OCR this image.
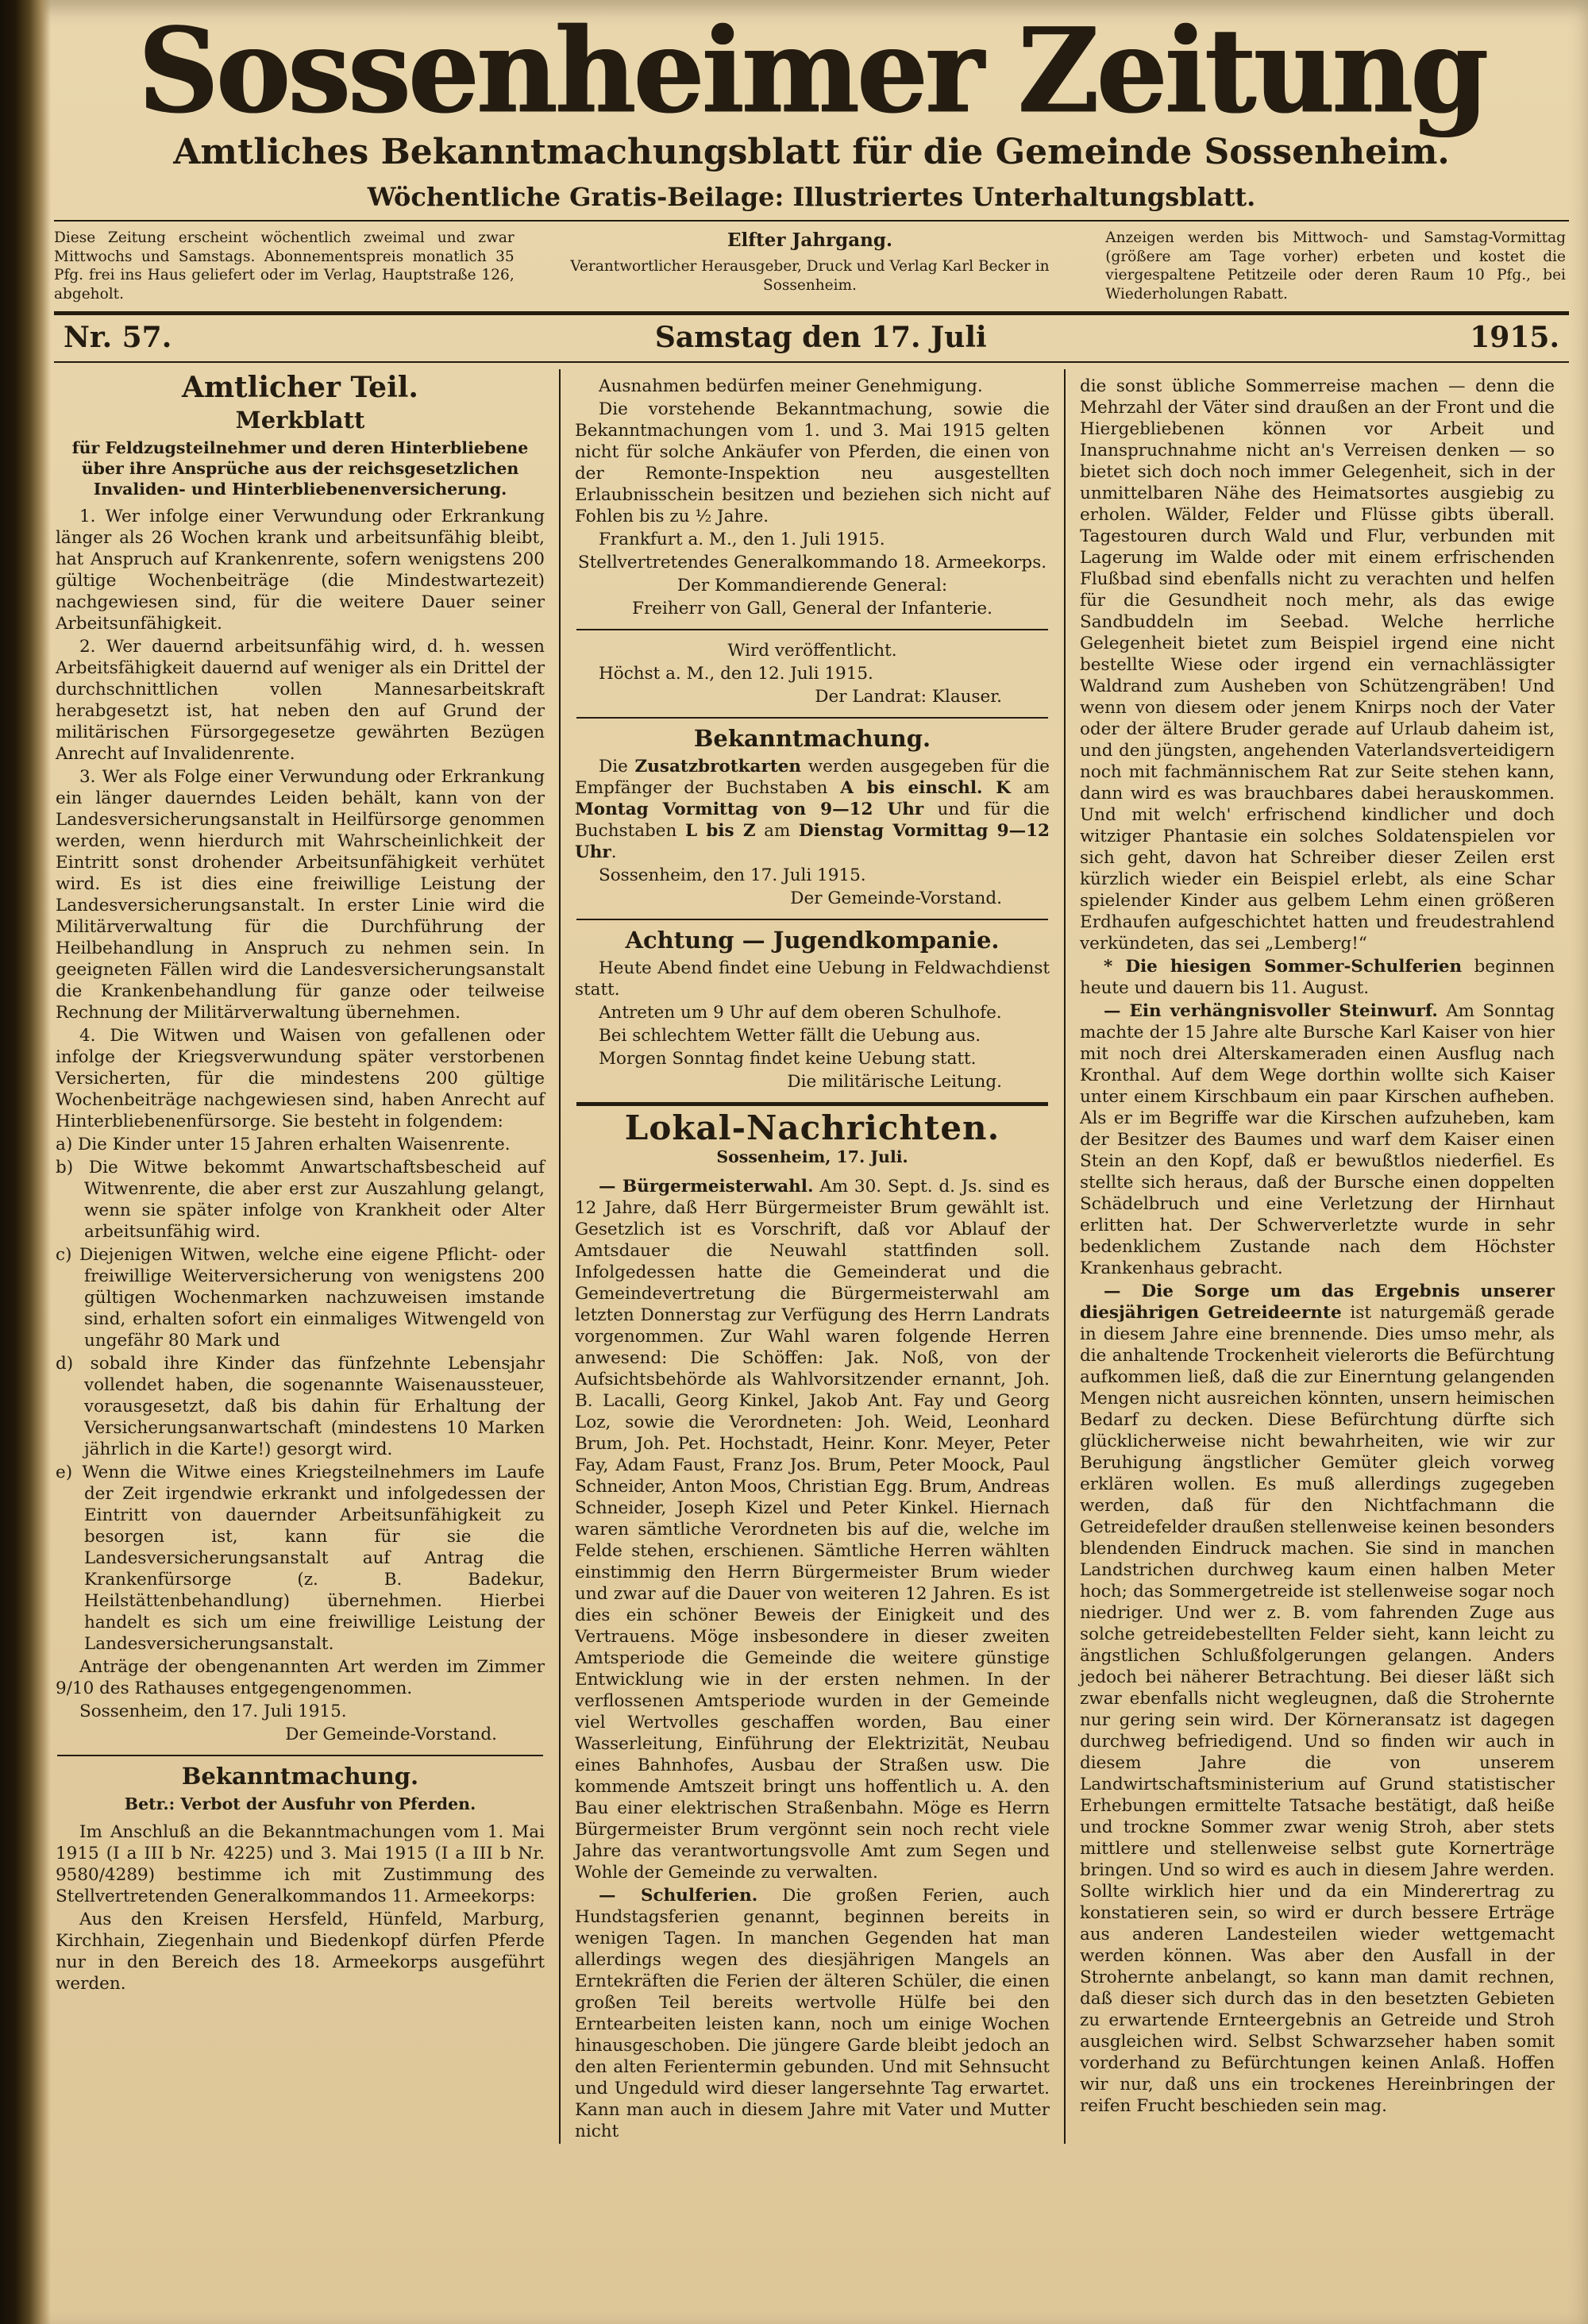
Sossenheimer Zeitung
Amtliches Bekanntmachungsblatt für die Gemeinde Sossenheim.
Wöchentliche Gratis-Beilage: Illustriertes Unterhaltungsblatt.
Diese Zeitung erscheint wöchentlich zweimal und zwar Mittwochs und Samstags. Abonnementspreis monatlich 35 Pfg. frei ins Haus geliefert oder im Verlag, Hauptstraße 126, abgeholt.
Elfter Jahrgang.
Verantwortlicher Herausgeber, Druck und Verlag Karl Becker in Sossenheim.
Anzeigen werden bis Mittwoch- und Samstag-Vormittag (größere am Tage vorher) erbeten und kostet die viergespaltene Petitzeile oder deren Raum 10 Pfg., bei Wiederholungen Rabatt.
Nr. 57.	Samstag den 17. Juli	1915.
Amtlicher Teil.
Merkblatt
für Feldzugsteilnehmer und deren Hinterbliebene über ihre Ansprüche aus der reichsgesetzlichen Invaliden- und Hinterbliebenenversicherung.

1. Wer infolge einer Verwundung oder Erkrankung länger als 26 Wochen krank und arbeitsunfähig bleibt, hat Anspruch auf Krankenrente, sofern wenigstens 200 gültige Wochenbeiträge (die Mindestwartezeit) nachgewiesen sind, für die weitere Dauer seiner Arbeitsunfähigkeit.

2. Wer dauernd arbeitsunfähig wird, d. h. wessen Arbeitsfähigkeit dauernd auf weniger als ein Drittel der durchschnittlichen vollen Mannesarbeitskraft herabgesetzt ist, hat neben den auf Grund der militärischen Fürsorgegesetze gewährten Bezügen Anrecht auf Invalidenrente.

3. Wer als Folge einer Verwundung oder Erkrankung ein länger dauerndes Leiden behält, kann von der Landesversicherungsanstalt in Heilfürsorge genommen werden, wenn hierdurch mit Wahrscheinlichkeit der Eintritt sonst drohender Arbeitsunfähigkeit verhütet wird. Es ist dies eine freiwillige Leistung der Landesversicherungsanstalt. In erster Linie wird die Militärverwaltung für die Durchführung der Heilbehandlung in Anspruch zu nehmen sein. In geeigneten Fällen wird die Landesversicherungsanstalt die Krankenbehandlung für ganze oder teilweise Rechnung der Militärverwaltung übernehmen.

4. Die Witwen und Waisen von gefallenen oder infolge der Kriegsverwundung später verstorbenen Versicherten, für die mindestens 200 gültige Wochenbeiträge nachgewiesen sind, haben Anrecht auf Hinterbliebenenfürsorge. Sie besteht in folgendem:

a) Die Kinder unter 15 Jahren erhalten Waisenrente.

b) Die Witwe bekommt Anwartschaftsbescheid auf Witwenrente, die aber erst zur Auszahlung gelangt, wenn sie später infolge von Krankheit oder Alter arbeitsunfähig wird.

c) Diejenigen Witwen, welche eine eigene Pflicht- oder freiwillige Weiterversicherung von wenigstens 200 gültigen Wochenmarken nachzuweisen imstande sind, erhalten sofort ein einmaliges Witwengeld von ungefähr 80 Mark und

d) sobald ihre Kinder das fünfzehnte Lebensjahr vollendet haben, die sogenannte Waisenaussteuer, vorausgesetzt, daß bis dahin für Erhaltung der Versicherungsanwartschaft (mindestens 10 Marken jährlich in die Karte!) gesorgt wird.

e) Wenn die Witwe eines Kriegsteilnehmers im Laufe der Zeit irgendwie erkrankt und infolgedessen der Eintritt von dauernder Arbeitsunfähigkeit zu besorgen ist, kann für sie die Landesversicherungsanstalt auf Antrag die Krankenfürsorge (z. B. Badekur, Heilstättenbehandlung) übernehmen. Hierbei handelt es sich um eine freiwillige Leistung der Landesversicherungsanstalt.

Anträge der obengenannten Art werden im Zimmer 9/10 des Rathauses entgegengenommen.

Sossenheim, den 17. Juli 1915.

Der Gemeinde-Vorstand.

Bekanntmachung.
Betr.: Verbot der Ausfuhr von Pferden.

Im Anschluß an die Bekanntmachungen vom 1. Mai 1915 (I a III b Nr. 4225) und 3. Mai 1915 (I a III b Nr. 9580/4289) bestimme ich mit Zustimmung des Stellvertretenden Generalkommandos 11. Armeekorps:

Aus den Kreisen Hersfeld, Hünfeld, Marburg, Kirchhain, Ziegenhain und Biedenkopf dürfen Pferde nur in den Bereich des 18. Armeekorps ausgeführt werden.

Ausnahmen bedürfen meiner Genehmigung.

Die vorstehende Bekanntmachung, sowie die Bekanntmachungen vom 1. und 3. Mai 1915 gelten nicht für solche Ankäufer von Pferden, die einen von der Remonte-Inspektion neu ausgestellten Erlaubnisschein besitzen und beziehen sich nicht auf Fohlen bis zu ½ Jahre.

Frankfurt a. M., den 1. Juli 1915.

Stellvertretendes Generalkommando 18. Armeekorps.

Der Kommandierende General:

Freiherr von Gall, General der Infanterie.

Wird veröffentlicht.

Höchst a. M., den 12. Juli 1915.

Der Landrat: Klauser.

Bekanntmachung.

Die Zusatzbrotkarten werden ausgegeben für die Empfänger der Buchstaben A bis einschl. K am Montag Vormittag von 9—12 Uhr und für die Buchstaben L bis Z am Dienstag Vormittag 9—12 Uhr.

Sossenheim, den 17. Juli 1915.

Der Gemeinde-Vorstand.

Achtung — Jugendkompanie.

Heute Abend findet eine Uebung in Feldwachdienst statt.

Antreten um 9 Uhr auf dem oberen Schulhofe.

Bei schlechtem Wetter fällt die Uebung aus.

Morgen Sonntag findet keine Uebung statt.

Die militärische Leitung.

Lokal-Nachrichten.
Sossenheim, 17. Juli.

— Bürgermeisterwahl. Am 30. Sept. d. Js. sind es 12 Jahre, daß Herr Bürgermeister Brum gewählt ist. Gesetzlich ist es Vorschrift, daß vor Ablauf der Amtsdauer die Neuwahl stattfinden soll. Infolgedessen hatte die Gemeinderat und die Gemeindevertretung die Bürgermeisterwahl am letzten Donnerstag zur Verfügung des Herrn Landrats vorgenommen. Zur Wahl waren folgende Herren anwesend: Die Schöffen: Jak. Noß, von der Aufsichtsbehörde als Wahlvorsitzender ernannt, Joh. B. Lacalli, Georg Kinkel, Jakob Ant. Fay und Georg Loz, sowie die Verordneten: Joh. Weid, Leonhard Brum, Joh. Pet. Hochstadt, Heinr. Konr. Meyer, Peter Fay, Adam Faust, Franz Jos. Brum, Peter Moock, Paul Schneider, Anton Moos, Christian Egg. Brum, Andreas Schneider, Joseph Kizel und Peter Kinkel. Hiernach waren sämtliche Verordneten bis auf die, welche im Felde stehen, erschienen. Sämtliche Herren wählten einstimmig den Herrn Bürgermeister Brum wieder und zwar auf die Dauer von weiteren 12 Jahren. Es ist dies ein schöner Beweis der Einigkeit und des Vertrauens. Möge insbesondere in dieser zweiten Amtsperiode die Gemeinde die weitere günstige Entwicklung wie in der ersten nehmen. In der verflossenen Amtsperiode wurden in der Gemeinde viel Wertvolles geschaffen worden, Bau einer Wasserleitung, Einführung der Elektrizität, Neubau eines Bahnhofes, Ausbau der Straßen usw. Die kommende Amtszeit bringt uns hoffentlich u. A. den Bau einer elektrischen Straßenbahn. Möge es Herrn Bürgermeister Brum vergönnt sein noch recht viele Jahre das verantwortungsvolle Amt zum Segen und Wohle der Gemeinde zu verwalten.

— Schulferien. Die großen Ferien, auch Hundstagsferien genannt, beginnen bereits in wenigen Tagen. In manchen Gegenden hat man allerdings wegen des diesjährigen Mangels an Erntekräften die Ferien der älteren Schüler, die einen großen Teil bereits wertvolle Hülfe bei den Erntearbeiten leisten kann, noch um einige Wochen hinausgeschoben. Die jüngere Garde bleibt jedoch an den alten Ferientermin gebunden. Und mit Sehnsucht und Ungeduld wird dieser langersehnte Tag erwartet. Kann man auch in diesem Jahre mit Vater und Mutter nicht

die sonst übliche Sommerreise machen — denn die Mehrzahl der Väter sind draußen an der Front und die Hiergebliebenen können vor Arbeit und Inanspruchnahme nicht an's Verreisen denken — so bietet sich doch noch immer Gelegenheit, sich in der unmittelbaren Nähe des Heimatsortes ausgiebig zu erholen. Wälder, Felder und Flüsse gibts überall. Tagestouren durch Wald und Flur, verbunden mit Lagerung im Walde oder mit einem erfrischenden Flußbad sind ebenfalls nicht zu verachten und helfen für die Gesundheit noch mehr, als das ewige Sandbuddeln im Seebad. Welche herrliche Gelegenheit bietet zum Beispiel irgend eine nicht bestellte Wiese oder irgend ein vernachlässigter Waldrand zum Ausheben von Schützengräben! Und wenn von diesem oder jenem Knirps noch der Vater oder der ältere Bruder gerade auf Urlaub daheim ist, und den jüngsten, angehenden Vaterlandsverteidigern noch mit fachmännischem Rat zur Seite stehen kann, dann wird es was brauchbares dabei herauskommen. Und mit welch' erfrischend kindlicher und doch witziger Phantasie ein solches Soldatenspielen vor sich geht, davon hat Schreiber dieser Zeilen erst kürzlich wieder ein Beispiel erlebt, als eine Schar spielender Kinder aus gelbem Lehm einen größeren Erdhaufen aufgeschichtet hatten und freudestrahlend verkündeten, das sei „Lemberg!“

* Die hiesigen Sommer-Schulferien beginnen heute und dauern bis 11. August.

— Ein verhängnisvoller Steinwurf. Am Sonntag machte der 15 Jahre alte Bursche Karl Kaiser von hier mit noch drei Alterskameraden einen Ausflug nach Kronthal. Auf dem Wege dorthin wollte sich Kaiser unter einem Kirschbaum ein paar Kirschen aufheben. Als er im Begriffe war die Kirschen aufzuheben, kam der Besitzer des Baumes und warf dem Kaiser einen Stein an den Kopf, daß er bewußtlos niederfiel. Es stellte sich heraus, daß der Bursche einen doppelten Schädelbruch und eine Verletzung der Hirnhaut erlitten hat. Der Schwerverletzte wurde in sehr bedenklichem Zustande nach dem Höchster Krankenhaus gebracht.

— Die Sorge um das Ergebnis unserer diesjährigen Getreideernte ist naturgemäß gerade in diesem Jahre eine brennende. Dies umso mehr, als die anhaltende Trockenheit vielerorts die Befürchtung aufkommen ließ, daß die zur Einerntung gelangenden Mengen nicht ausreichen könnten, unsern heimischen Bedarf zu decken. Diese Befürchtung dürfte sich glücklicherweise nicht bewahrheiten, wie wir zur Beruhigung ängstlicher Gemüter gleich vorweg erklären wollen. Es muß allerdings zugegeben werden, daß für den Nichtfachmann die Getreidefelder draußen stellenweise keinen besonders blendenden Eindruck machen. Sie sind in manchen Landstrichen durchweg kaum einen halben Meter hoch; das Sommergetreide ist stellenweise sogar noch niedriger. Und wer z. B. vom fahrenden Zuge aus solche getreidebestellten Felder sieht, kann leicht zu ängstlichen Schlußfolgerungen gelangen. Anders jedoch bei näherer Betrachtung. Bei dieser läßt sich zwar ebenfalls nicht wegleugnen, daß die Strohernte nur gering sein wird. Der Körneransatz ist dagegen durchweg befriedigend. Und so finden wir auch in diesem Jahre die von unserem Landwirtschaftsministerium auf Grund statistischer Erhebungen ermittelte Tatsache bestätigt, daß heiße und trockne Sommer zwar wenig Stroh, aber stets mittlere und stellenweise selbst gute Kornerträge bringen. Und so wird es auch in diesem Jahre werden. Sollte wirklich hier und da ein Minderertrag zu konstatieren sein, so wird er durch bessere Erträge aus anderen Landesteilen wieder wettgemacht werden können. Was aber den Ausfall in der Strohernte anbelangt, so kann man damit rechnen, daß dieser sich durch das in den besetzten Gebieten zu erwartende Ernteergebnis an Getreide und Stroh ausgleichen wird. Selbst Schwarzseher haben somit vorderhand zu Befürchtungen keinen Anlaß. Hoffen wir nur, daß uns ein trockenes Hereinbringen der reifen Frucht beschieden sein mag.
